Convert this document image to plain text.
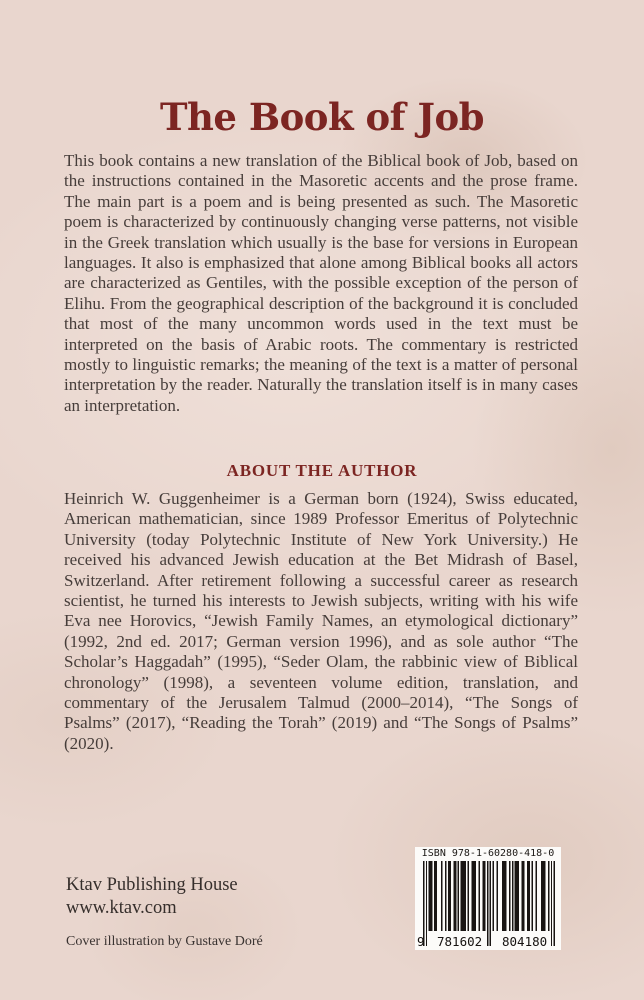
The Book of Job

This book contains a new translation of the Biblical book of Job, based on the instructions contained in the Masoretic accents and the prose frame. The main part is a poem and is being presented as such. The Masoretic poem is characterized by continuously changing verse patterns, not visible in the Greek translation which usually is the base for versions in European languages. It also is emphasized that alone among Biblical books all actors are characterized as Gentiles, with the possible exception of the person of Elihu. From the geographical description of the background it is concluded that most of the many uncommon words used in the text must be interpreted on the basis of Arabic roots. The commentary is restricted mostly to linguistic remarks; the meaning of the text is a matter of personal interpretation by the reader. Naturally the translation itself is in many cases an interpretation.

ABOUT THE AUTHOR

Heinrich W. Guggenheimer is a German born (1924), Swiss educated, American mathematician, since 1989 Professor Emeritus of Polytechnic University (today Polytechnic Institute of New York University.) He received his advanced Jewish education at the Bet Midrash of Basel, Switzerland. After retirement following a successful career as research scientist, he turned his interests to Jewish subjects, writing with his wife Eva nee Horovics, “Jewish Family Names, an etymological dictionary” (1992, 2nd ed. 2017; German version 1996), and as sole author “The Scholar’s Haggadah” (1995), “Seder Olam, the rabbinic view of Biblical chronology” (1998), a seventeen volume edition, translation, and commentary of the Jerusalem Talmud (2000–2014), “The Songs of Psalms” (2017), “Reading the Torah” (2019) and “The Songs of Psalms” (2020).

Ktav Publishing House
www.ktav.com
Cover illustration by Gustave Doré
ISBN 978-1-60280-418-0
9 781602 804180
